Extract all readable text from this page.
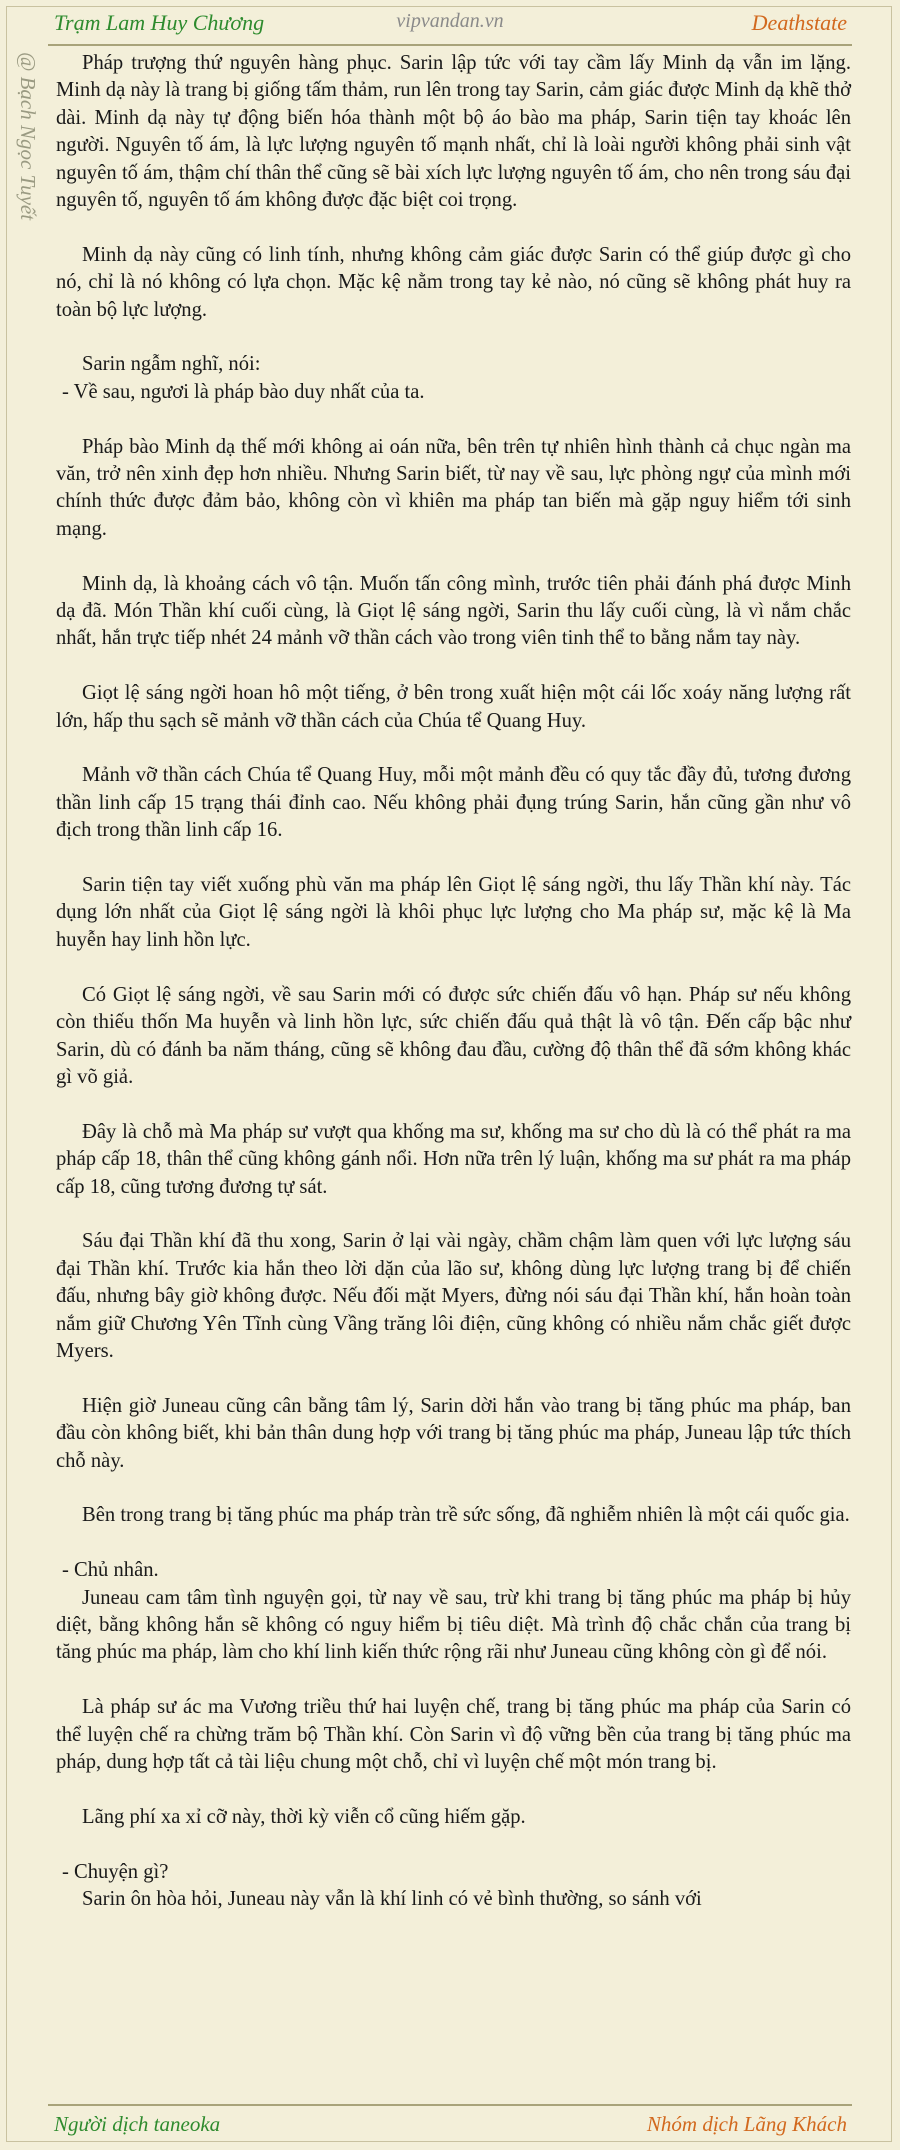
Trạm Lam Huy Chương	vipvandan.vn	Deathstate
@ Bạch Ngọc Tuyết	Pháp trượng thứ nguyên hàng phục. Sarin lập tức với tay cầm lấy Minh dạ vẫn im lặng. Minh dạ này là trang bị giống tấm thảm, run lên trong tay Sarin, cảm giác được Minh dạ khẽ thở dài. Minh dạ này tự động biến hóa thành một bộ áo bào ma pháp, Sarin tiện tay khoác lên người. Nguyên tố ám, là lực lượng nguyên tố mạnh nhất, chỉ là loài người không phải sinh vật nguyên tố ám, thậm chí thân thể cũng sẽ bài xích lực lượng nguyên tố ám, cho nên trong sáu đại nguyên tố, nguyên tố ám không được đặc biệt coi trọng.

Minh dạ này cũng có linh tính, nhưng không cảm giác được Sarin có thể giúp được gì cho nó, chỉ là nó không có lựa chọn. Mặc kệ nằm trong tay kẻ nào, nó cũng sẽ không phát huy ra toàn bộ lực lượng.

Sarin ngẫm nghĩ, nói:

- Về sau, ngươi là pháp bào duy nhất của ta.

Pháp bào Minh dạ thế mới không ai oán nữa, bên trên tự nhiên hình thành cả chục ngàn ma văn, trở nên xinh đẹp hơn nhiều. Nhưng Sarin biết, từ nay về sau, lực phòng ngự của mình mới chính thức được đảm bảo, không còn vì khiên ma pháp tan biến mà gặp nguy hiểm tới sinh mạng.

Minh dạ, là khoảng cách vô tận. Muốn tấn công mình, trước tiên phải đánh phá được Minh dạ đã. Món Thần khí cuối cùng, là Giọt lệ sáng ngời, Sarin thu lấy cuối cùng, là vì nắm chắc nhất, hắn trực tiếp nhét 24 mảnh vỡ thần cách vào trong viên tinh thể to bằng nắm tay này.

Giọt lệ sáng ngời hoan hô một tiếng, ở bên trong xuất hiện một cái lốc xoáy năng lượng rất lớn, hấp thu sạch sẽ mảnh vỡ thần cách của Chúa tể Quang Huy.

Mảnh vỡ thần cách Chúa tể Quang Huy, mỗi một mảnh đều có quy tắc đầy đủ, tương đương thần linh cấp 15 trạng thái đỉnh cao. Nếu không phải đụng trúng Sarin, hắn cũng gần như vô địch trong thần linh cấp 16.

Sarin tiện tay viết xuống phù văn ma pháp lên Giọt lệ sáng ngời, thu lấy Thần khí này. Tác dụng lớn nhất của Giọt lệ sáng ngời là khôi phục lực lượng cho Ma pháp sư, mặc kệ là Ma huyễn hay linh hồn lực.

Có Giọt lệ sáng ngời, về sau Sarin mới có được sức chiến đấu vô hạn. Pháp sư nếu không còn thiếu thốn Ma huyễn và linh hồn lực, sức chiến đấu quả thật là vô tận. Đến cấp bậc như Sarin, dù có đánh ba năm tháng, cũng sẽ không đau đầu, cường độ thân thể đã sớm không khác gì võ giả.

Đây là chỗ mà Ma pháp sư vượt qua khống ma sư, khống ma sư cho dù là có thể phát ra ma pháp cấp 18, thân thể cũng không gánh nổi. Hơn nữa trên lý luận, khống ma sư phát ra ma pháp cấp 18, cũng tương đương tự sát.

Sáu đại Thần khí đã thu xong, Sarin ở lại vài ngày, chầm chậm làm quen với lực lượng sáu đại Thần khí. Trước kia hắn theo lời dặn của lão sư, không dùng lực lượng trang bị để chiến đấu, nhưng bây giờ không được. Nếu đối mặt Myers, đừng nói sáu đại Thần khí, hắn hoàn toàn nắm giữ Chương Yên Tĩnh cùng Vầng trăng lôi điện, cũng không có nhiều nắm chắc giết được Myers.

Hiện giờ Juneau cũng cân bằng tâm lý, Sarin dời hắn vào trang bị tăng phúc ma pháp, ban đầu còn không biết, khi bản thân dung hợp với trang bị tăng phúc ma pháp, Juneau lập tức thích chỗ này.

Bên trong trang bị tăng phúc ma pháp tràn trề sức sống, đã nghiễm nhiên là một cái quốc gia.

- Chủ nhân.

Juneau cam tâm tình nguyện gọi, từ nay về sau, trừ khi trang bị tăng phúc ma pháp bị hủy diệt, bằng không hắn sẽ không có nguy hiểm bị tiêu diệt. Mà trình độ chắc chắn của trang bị tăng phúc ma pháp, làm cho khí linh kiến thức rộng rãi như Juneau cũng không còn gì để nói.

Là pháp sư ác ma Vương triều thứ hai luyện chế, trang bị tăng phúc ma pháp của Sarin có thể luyện chế ra chừng trăm bộ Thần khí. Còn Sarin vì độ vững bền của trang bị tăng phúc ma pháp, dung hợp tất cả tài liệu chung một chỗ, chỉ vì luyện chế một món trang bị.

Lãng phí xa xỉ cỡ này, thời kỳ viễn cổ cũng hiếm gặp.

- Chuyện gì?

Sarin ôn hòa hỏi, Juneau này vẫn là khí linh có vẻ bình thường, so sánh với

Người dịch taneoka	Nhóm dịch Lãng Khách
